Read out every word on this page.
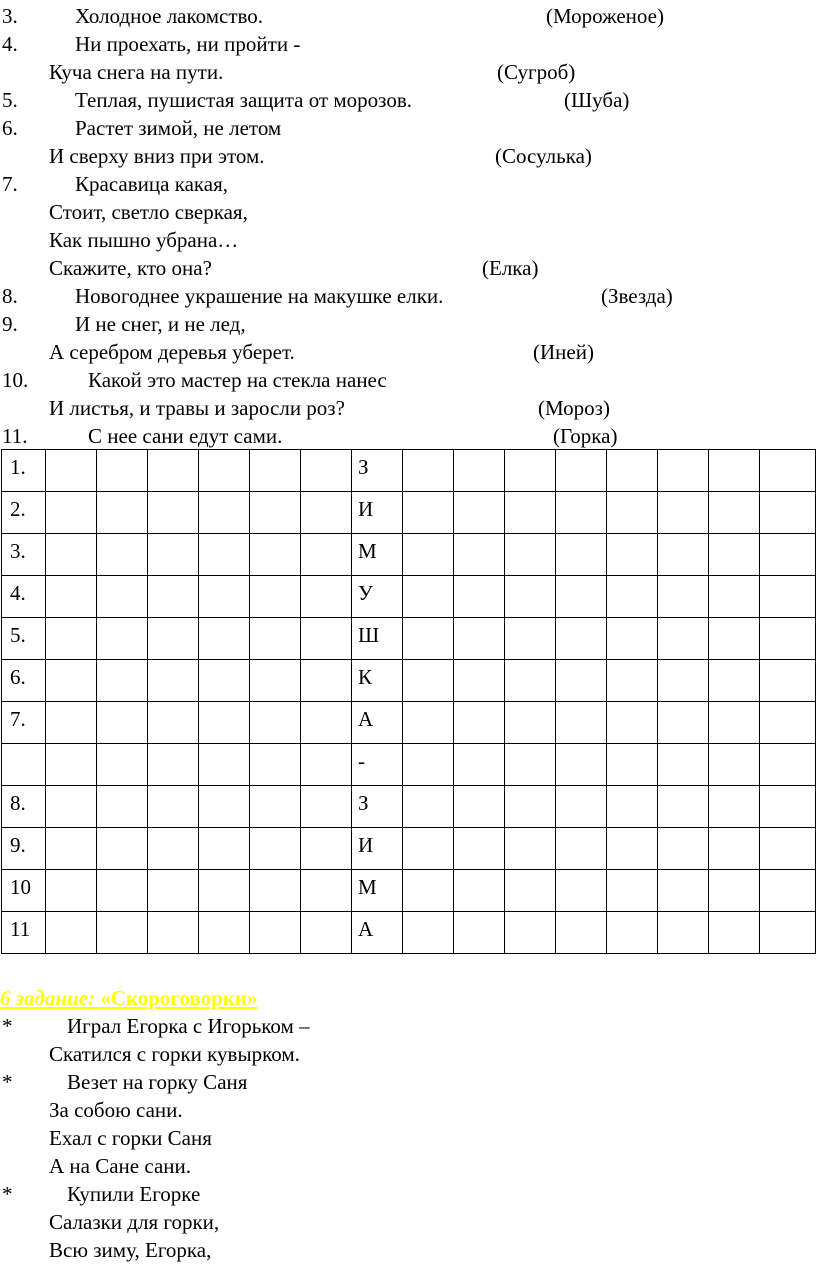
3.	Холодное лакомство.	(Мороженое)
4.	Ни проехать, ни пройти -
Куча снега на пути.	(Сугроб)
5.	Теплая, пушистая защита от морозов.	(Шуба)
6.	Растет зимой, не летом
И сверху вниз при этом.	(Сосулька)
7.	Красавица какая,
Стоит, светло сверкая,
Как пышно убрана…
Скажите, кто она?	(Елка)
8.	Новогоднее украшение на макушке елки.	(Звезда)
9.	И не снег, и не лед,
А серебром деревья уберет.	(Иней)
10.	Какой это мастер на стекла нанес
И листья, и травы и заросли роз?	(Мороз)
11.	С нее сани едут сами.	(Горка)
1.							З								
2.							И								
3.							М								
4.							У								
5.							Ш								
6.							К								
7.							А								
							-								
8.							З								
9.							И								
10							М								
11							А								
6 задание: «Скороговорки»
*	Играл Егорка с Игорьком –
Скатился с горки кувырком.
*	Везет на горку Саня
За собою сани.
Ехал с горки Саня
А на Сане сани.
*	Купили Егорке
Салазки для горки,
Всю зиму, Егорка,
